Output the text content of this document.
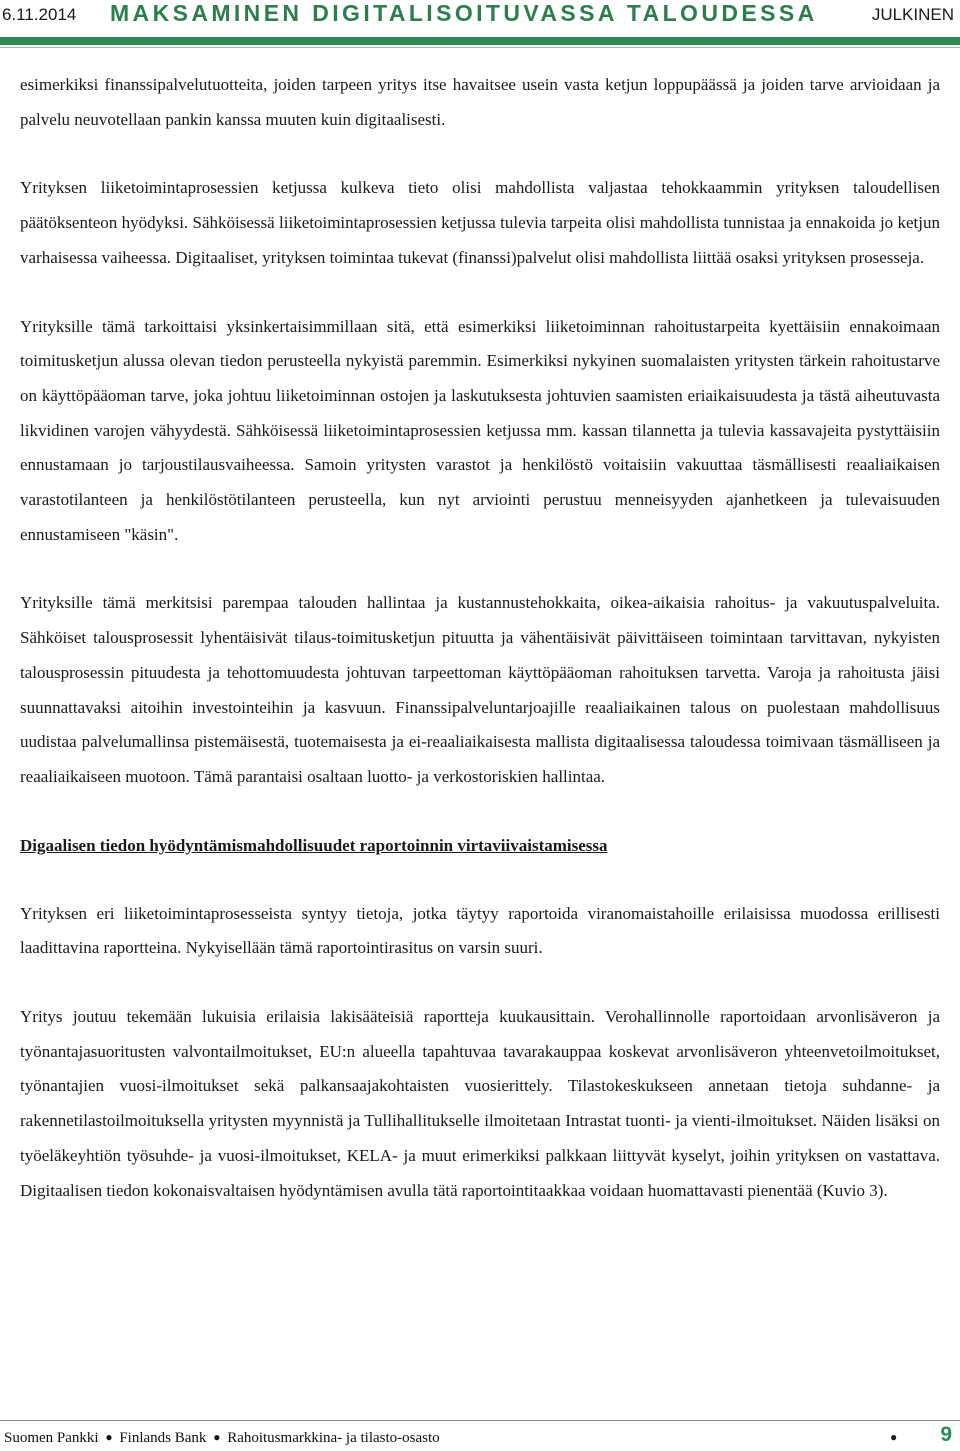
6.11.2014 MAKSAMINEN DIGITALISOITUVASSA TALOUDESSA	JULKINEN

esimerkiksi finanssipalvelutuotteita, joiden tarpeen yritys itse havaitsee usein vasta ketjun loppupäässä ja joiden tarve arvioidaan ja palvelu neuvotellaan pankin kanssa muuten kuin digitaalisesti.

Yrityksen liiketoimintaprosessien ketjussa kulkeva tieto olisi mahdollista valjastaa tehokkaammin yrityksen taloudellisen päätöksenteon hyödyksi. Sähköisessä liiketoimintaprosessien ketjussa tulevia tarpeita olisi mahdollista tunnistaa ja ennakoida jo ketjun varhaisessa vaiheessa. Digitaaliset, yrityksen toimintaa tukevat (finanssi)palvelut olisi mahdollista liittää osaksi yrityksen prosesseja.

Yrityksille tämä tarkoittaisi yksinkertaisimmillaan sitä, että esimerkiksi liiketoiminnan rahoitustarpeita kyettäisiin ennakoimaan toimitusketjun alussa olevan tiedon perusteella nykyistä paremmin. Esimerkiksi nykyinen suomalaisten yritysten tärkein rahoitustarve on käyttöpääoman tarve, joka johtuu liiketoiminnan ostojen ja laskutuksesta johtuvien saamisten eriaikaisuudesta ja tästä aiheutuvasta likvidinen varojen vähyydestä. Sähköisessä liiketoimintaprosessien ketjussa mm. kassan tilannetta ja tulevia kassavajeita pystyttäisiin ennustamaan jo tarjoustilausvaiheessa. Samoin yritysten varastot ja henkilöstö voitaisiin vakuuttaa täsmällisesti reaaliaikaisen varastotilanteen ja henkilöstötilanteen perusteella, kun nyt arviointi perustuu menneisyyden ajanhetkeen ja tulevaisuuden ennustamiseen "käsin".

Yrityksille tämä merkitsisi parempaa talouden hallintaa ja kustannustehokkaita, oikea-aikaisia rahoitus- ja vakuutuspalveluita. Sähköiset talousprosessit lyhentäisivät tilaus-toimitusketjun pituutta ja vähentäisivät päivittäiseen toimintaan tarvittavan, nykyisten talousprosessin pituudesta ja tehottomuudesta johtuvan tarpeettoman käyttöpääoman rahoituksen tarvetta. Varoja ja rahoitusta jäisi suunnattavaksi aitoihin investointeihin ja kasvuun. Finanssipalveluntarjoajille reaaliaikainen talous on puolestaan mahdollisuus uudistaa palvelumallinsa pistemäisestä, tuotemaisesta ja ei-reaaliaikaisesta mallista digitaalisessa taloudessa toimivaan täsmälliseen ja reaaliaikaiseen muotoon. Tämä parantaisi osaltaan luotto- ja verkostoriskien hallintaa.

Digaalisen tiedon hyödyntämismahdollisuudet raportoinnin virtaviivaistamisessa

Yrityksen eri liiketoimintaprosesseista syntyy tietoja, jotka täytyy raportoida viranomaistahoille erilaisissa muodossa erillisesti laadittavina raportteina. Nykyisellään tämä raportointirasitus on varsin suuri.

Yritys joutuu tekemään lukuisia erilaisia lakisääteisiä raportteja kuukausittain. Verohallinnolle raportoidaan arvonlisäveron ja työnantajasuoritusten valvontailmoitukset, EU:n alueella tapahtuvaa tavarakauppaa koskevat arvonlisäveron yhteenvetoilmoitukset, työnantajien vuosi-ilmoitukset sekä palkansaajakohtaisten vuosierittely. Tilastokeskukseen annetaan tietoja suhdanne- ja rakennetilastoilmoituksella yritysten myynnistä ja Tullihallitukselle ilmoitetaan Intrastat tuonti- ja vienti-ilmoitukset. Näiden lisäksi on työeläkeyhtiön työsuhde- ja vuosi-ilmoitukset, KELA- ja muut erimerkiksi palkkaan liittyvät kyselyt, joihin yrityksen on vastattava. Digitaalisen tiedon kokonaisvaltaisen hyödyntämisen avulla tätä raportointitaakkaa voidaan huomattavasti pienentää (Kuvio 3).

Suomen Pankki ● Finlands Bank ● Rahoitusmarkkina- ja tilasto-osasto	● 9
